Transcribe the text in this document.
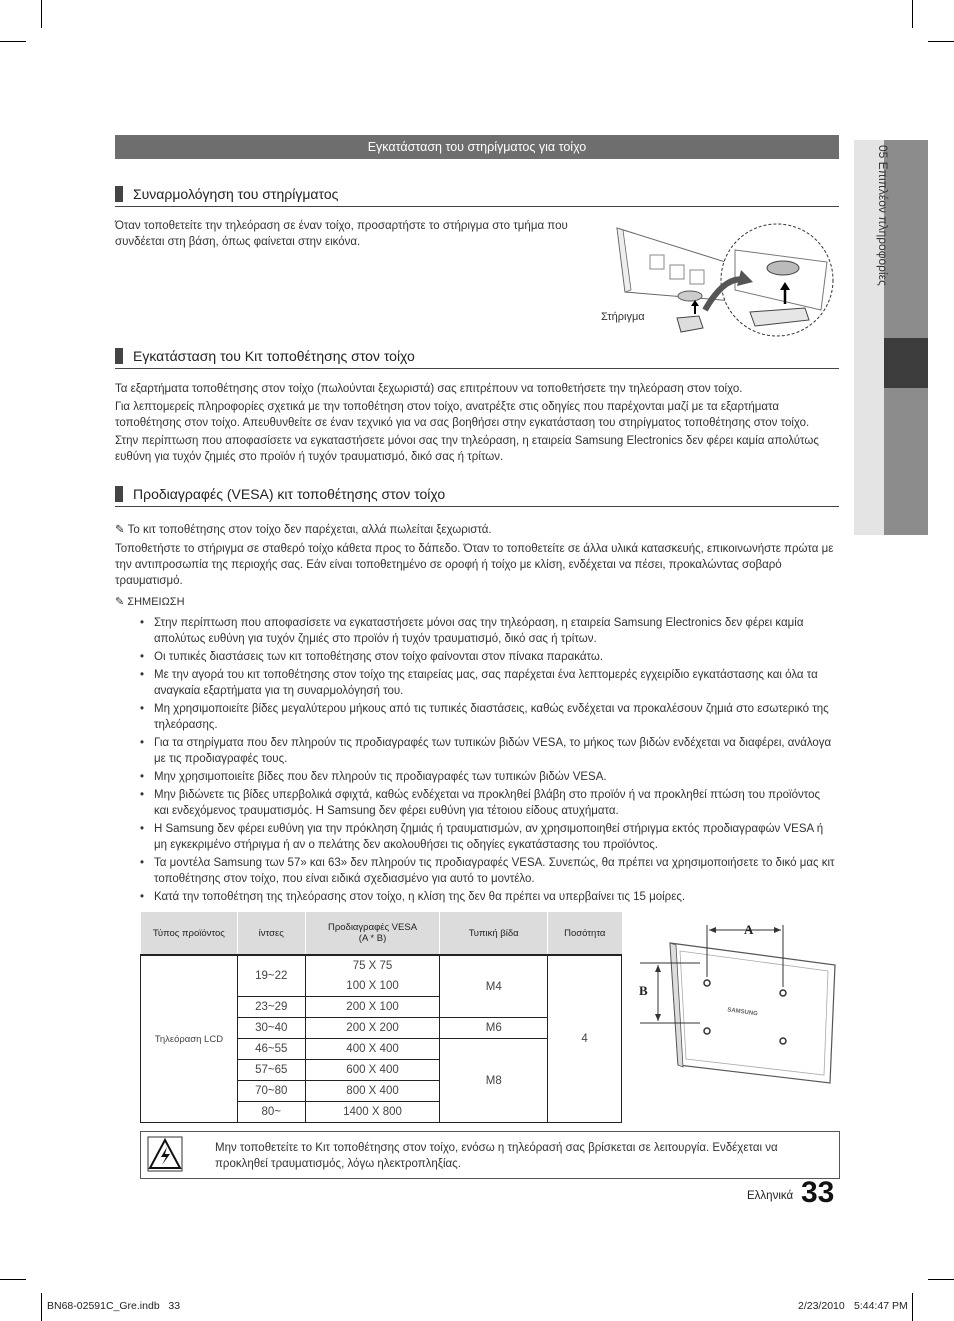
05 Επιπλέον πληροφορίες
Εγκατάσταση του στηρίγματος για τοίχο
Συναρμολόγηση του στηρίγματος
Όταν τοποθετείτε την τηλεόραση σε έναν τοίχο, προσαρτήστε το στήριγμα στο τμήμα που συνδέεται στη βάση, όπως φαίνεται στην εικόνα.
Στήριγμα
Εγκατάσταση του Κιτ τοποθέτησης στον τοίχο
Τα εξαρτήματα τοποθέτησης στον τοίχο (πωλούνται ξεχωριστά) σας επιτρέπουν να τοποθετήσετε την τηλεόραση στον τοίχο.
Για λεπτομερείς πληροφορίες σχετικά με την τοποθέτηση στον τοίχο, ανατρέξτε στις οδηγίες που παρέχονται μαζί με τα εξαρτήματα τοποθέτησης στον τοίχο. Απευθυνθείτε σε έναν τεχνικό για να σας βοηθήσει στην εγκατάσταση του στηρίγματος τοποθέτησης στον τοίχο.
Στην περίπτωση που αποφασίσετε να εγκαταστήσετε μόνοι σας την τηλεόραση, η εταιρεία Samsung Electronics δεν φέρει καμία απολύτως ευθύνη για τυχόν ζημιές στο προϊόν ή τυχόν τραυματισμό, δικό σας ή τρίτων.
Προδιαγραφές (VESA) κιτ τοποθέτησης στον τοίχο
✎ Το κιτ τοποθέτησης στον τοίχο δεν παρέχεται, αλλά πωλείται ξεχωριστά.
Τοποθετήστε το στήριγμα σε σταθερό τοίχο κάθετα προς το δάπεδο. Όταν το τοποθετείτε σε άλλα υλικά κατασκευής, επικοινωνήστε πρώτα με την αντιπροσωπία της περιοχής σας. Εάν είναι τοποθετημένο σε οροφή ή τοίχο με κλίση, ενδέχεται να πέσει, προκαλώντας σοβαρό τραυματισμό.
✎ ΣΗΜΕΙΩΣΗ
• Στην περίπτωση που αποφασίσετε να εγκαταστήσετε μόνοι σας την τηλεόραση, η εταιρεία Samsung Electronics δεν φέρει καμία απολύτως ευθύνη για τυχόν ζημιές στο προϊόν ή τυχόν τραυματισμό, δικό σας ή τρίτων.
• Οι τυπικές διαστάσεις των κιτ τοποθέτησης στον τοίχο φαίνονται στον πίνακα παρακάτω.
• Με την αγορά του κιτ τοποθέτησης στον τοίχο της εταιρείας μας, σας παρέχεται ένα λεπτομερές εγχειρίδιο εγκατάστασης και όλα τα αναγκαία εξαρτήματα για τη συναρμολόγησή του.
• Μη χρησιμοποιείτε βίδες μεγαλύτερου μήκους από τις τυπικές διαστάσεις, καθώς ενδέχεται να προκαλέσουν ζημιά στο εσωτερικό της τηλεόρασης.
• Για τα στηρίγματα που δεν πληρούν τις προδιαγραφές των τυπικών βιδών VESA, το μήκος των βιδών ενδέχεται να διαφέρει, ανάλογα με τις προδιαγραφές τους.
• Μην χρησιμοποιείτε βίδες που δεν πληρούν τις προδιαγραφές των τυπικών βιδών VESA.
• Μην βιδώνετε τις βίδες υπερβολικά σφιχτά, καθώς ενδέχεται να προκληθεί βλάβη στο προϊόν ή να προκληθεί πτώση του προϊόντος και ενδεχόμενος τραυματισμός. Η Samsung δεν φέρει ευθύνη για τέτοιου είδους ατυχήματα.
• Η Samsung δεν φέρει ευθύνη για την πρόκληση ζημιάς ή τραυματισμών, αν χρησιμοποιηθεί στήριγμα εκτός προδιαγραφών VESA ή μη εγκεκριμένο στήριγμα ή αν ο πελάτης δεν ακολουθήσει τις οδηγίες εγκατάστασης του προϊόντος.
• Τα μοντέλα Samsung των 57» και 63» δεν πληρούν τις προδιαγραφές VESA. Συνεπώς, θα πρέπει να χρησιμοποιήσετε το δικό μας κιτ τοποθέτησης στον τοίχο, που είναι ειδικά σχεδιασμένο για αυτό το μοντέλο.
• Κατά την τοποθέτηση της τηλεόρασης στον τοίχο, η κλίση της δεν θα πρέπει να υπερβαίνει τις 15 μοίρες.
Τύπος προϊόντος	ίντσες	Προδιαγραφές VESA
(A * B)	Τυπική βίδα	Ποσότητα
Τηλεόραση LCD	19~22	75 X 75	M4	4
		100 X 100		
	23~29	200 X 100		
	30~40	200 X 200	M6	
	46~55	400 X 400	M8	
	57~65	600 X 400		
	70~80	800 X 400		
	80~	1400 X 800		
A
B
SAMSUNG
Μην τοποθετείτε το Κιτ τοποθέτησης στον τοίχο, ενόσω η τηλεόρασή σας βρίσκεται σε λειτουργία. Ενδέχεται να προκληθεί τραυματισμός, λόγω ηλεκτροπληξίας.
Ελληνικά 33
BN68-02591C_Gre.indb   33	2/23/2010 5:44:47 PM
